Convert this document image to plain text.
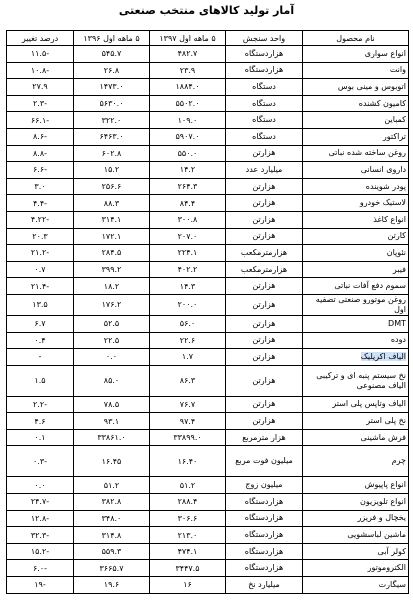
آمار تولید کالاهای منتخب صنعتی
نام محصول	واحد سنجش	۵ ماهه اول ۱۳۹۷	۵ ماهه اول ۱۳۹۶	درصد تغییر
انواع سواری	هزاردستگاه	۴۸۲.۷	۵۴۵.۷	-۱۱.۵
وانت	هزاردستگاه	۲۳.۹	۲۶.۸	-۱۰.۸
اتوبوس و مینی بوس	دستگاه	۱۸۸۴.۰	۱۴۷۳.۰	۲۷.۹
کامیون کشنده	دستگاه	۵۵۰۲.۰	۵۶۳۰.۰	-۲.۳
کمباین	دستگاه	۱۰۹.۰	۳۲۲.۰	-۶۶.۱
تراکتور	دستگاه	۵۹۰۷.۰	۶۴۶۳.۰	-۸.۶
روغن ساخته شده نباتی	هزارتن	۵۵۰.۰	۶۰۲.۸	-۸.۸
داروی انسانی	میلیارد عدد	۱۴.۲	۱۵.۲	-۶.۶
پودر شوینده	هزارتن	۲۶۴.۳	۲۵۶.۶	۳.۰
لاستیک خودرو	هزارتن	۸۴.۴	۸۸.۳	-۴.۴
انواع کاغذ	هزارتن	۳۰۰.۸	۳۱۴.۱	-۴.۲۲
کارتن	هزارتن	۲۰۷.۰	۱۷۲.۱	۲۰.۳
نئوپان	هزارمترمکعب	۲۲۴.۱	۲۸۴.۵	-۲۱.۲
فیبر	هزارمترمکعب	۴۰۲.۲	۳۹۹.۲	۰.۷
سموم دفع آفات نباتی	هزارتن	۱۴.۳	۱۸.۲	-۲۱.۴
روغن موتورو صنعتی تصفیه اول	هزارتن	۲۰۰.۰	۱۷۶.۲	۱۳.۵
DMT	هزارتن	۵۶.۰	۵۲.۵	۶.۷
دوده	هزارتن	۲۲.۶	۲۲.۵	۰.۴
الیاف اکریلیک	هزارتن	۱.۷	۰.۰	-
نخ سیستم پنبه ای و ترکیبی الیاف مصنوعی	هزارتن	۸۶.۳	۸۵.۰	۱.۵
الیاف وتاپس پلی استر	هزارتن	۷۶.۷	۷۸.۵	-۲.۲
نخ پلی استر	هزارتن	۹۷.۴	۹۳.۱	۴.۶
فرش ماشینی	هزار مترمربع	۳۳۸۹۹.۰	۳۳۸۶۱.۰	۰.۱
چرم	میلیون فوت مربع	۱۶.۴۰	۱۶.۴۵	-۰.۳
انواع پاپیوش	میلیون زوج	۵۱.۲	۵۱.۲	۰.۰
انواع تلویزیون	هزاردستگاه	۲۸۸.۴	۳۸۲.۸	-۲۴.۷
یخچال و فریزر	هزاردستگاه	۳۰۶.۶	۳۴۸.۰	-۱۲.۸
ماشین لباسشویی	هزاردستگاه	۲۱۳.۰	۳۱۴.۸	-۳۲.۳
کولر آبی	هزاردستگاه	۴۷۴.۱	۵۵۹.۳	-۱۵.۲
الکتروموتور	هزاردستگاه	۳۴۴۷.۵	۳۶۶۵.۷	-۶.۰
سیگارت	میلیارد نخ	۱۶	۱۹.۶	-۱۹
